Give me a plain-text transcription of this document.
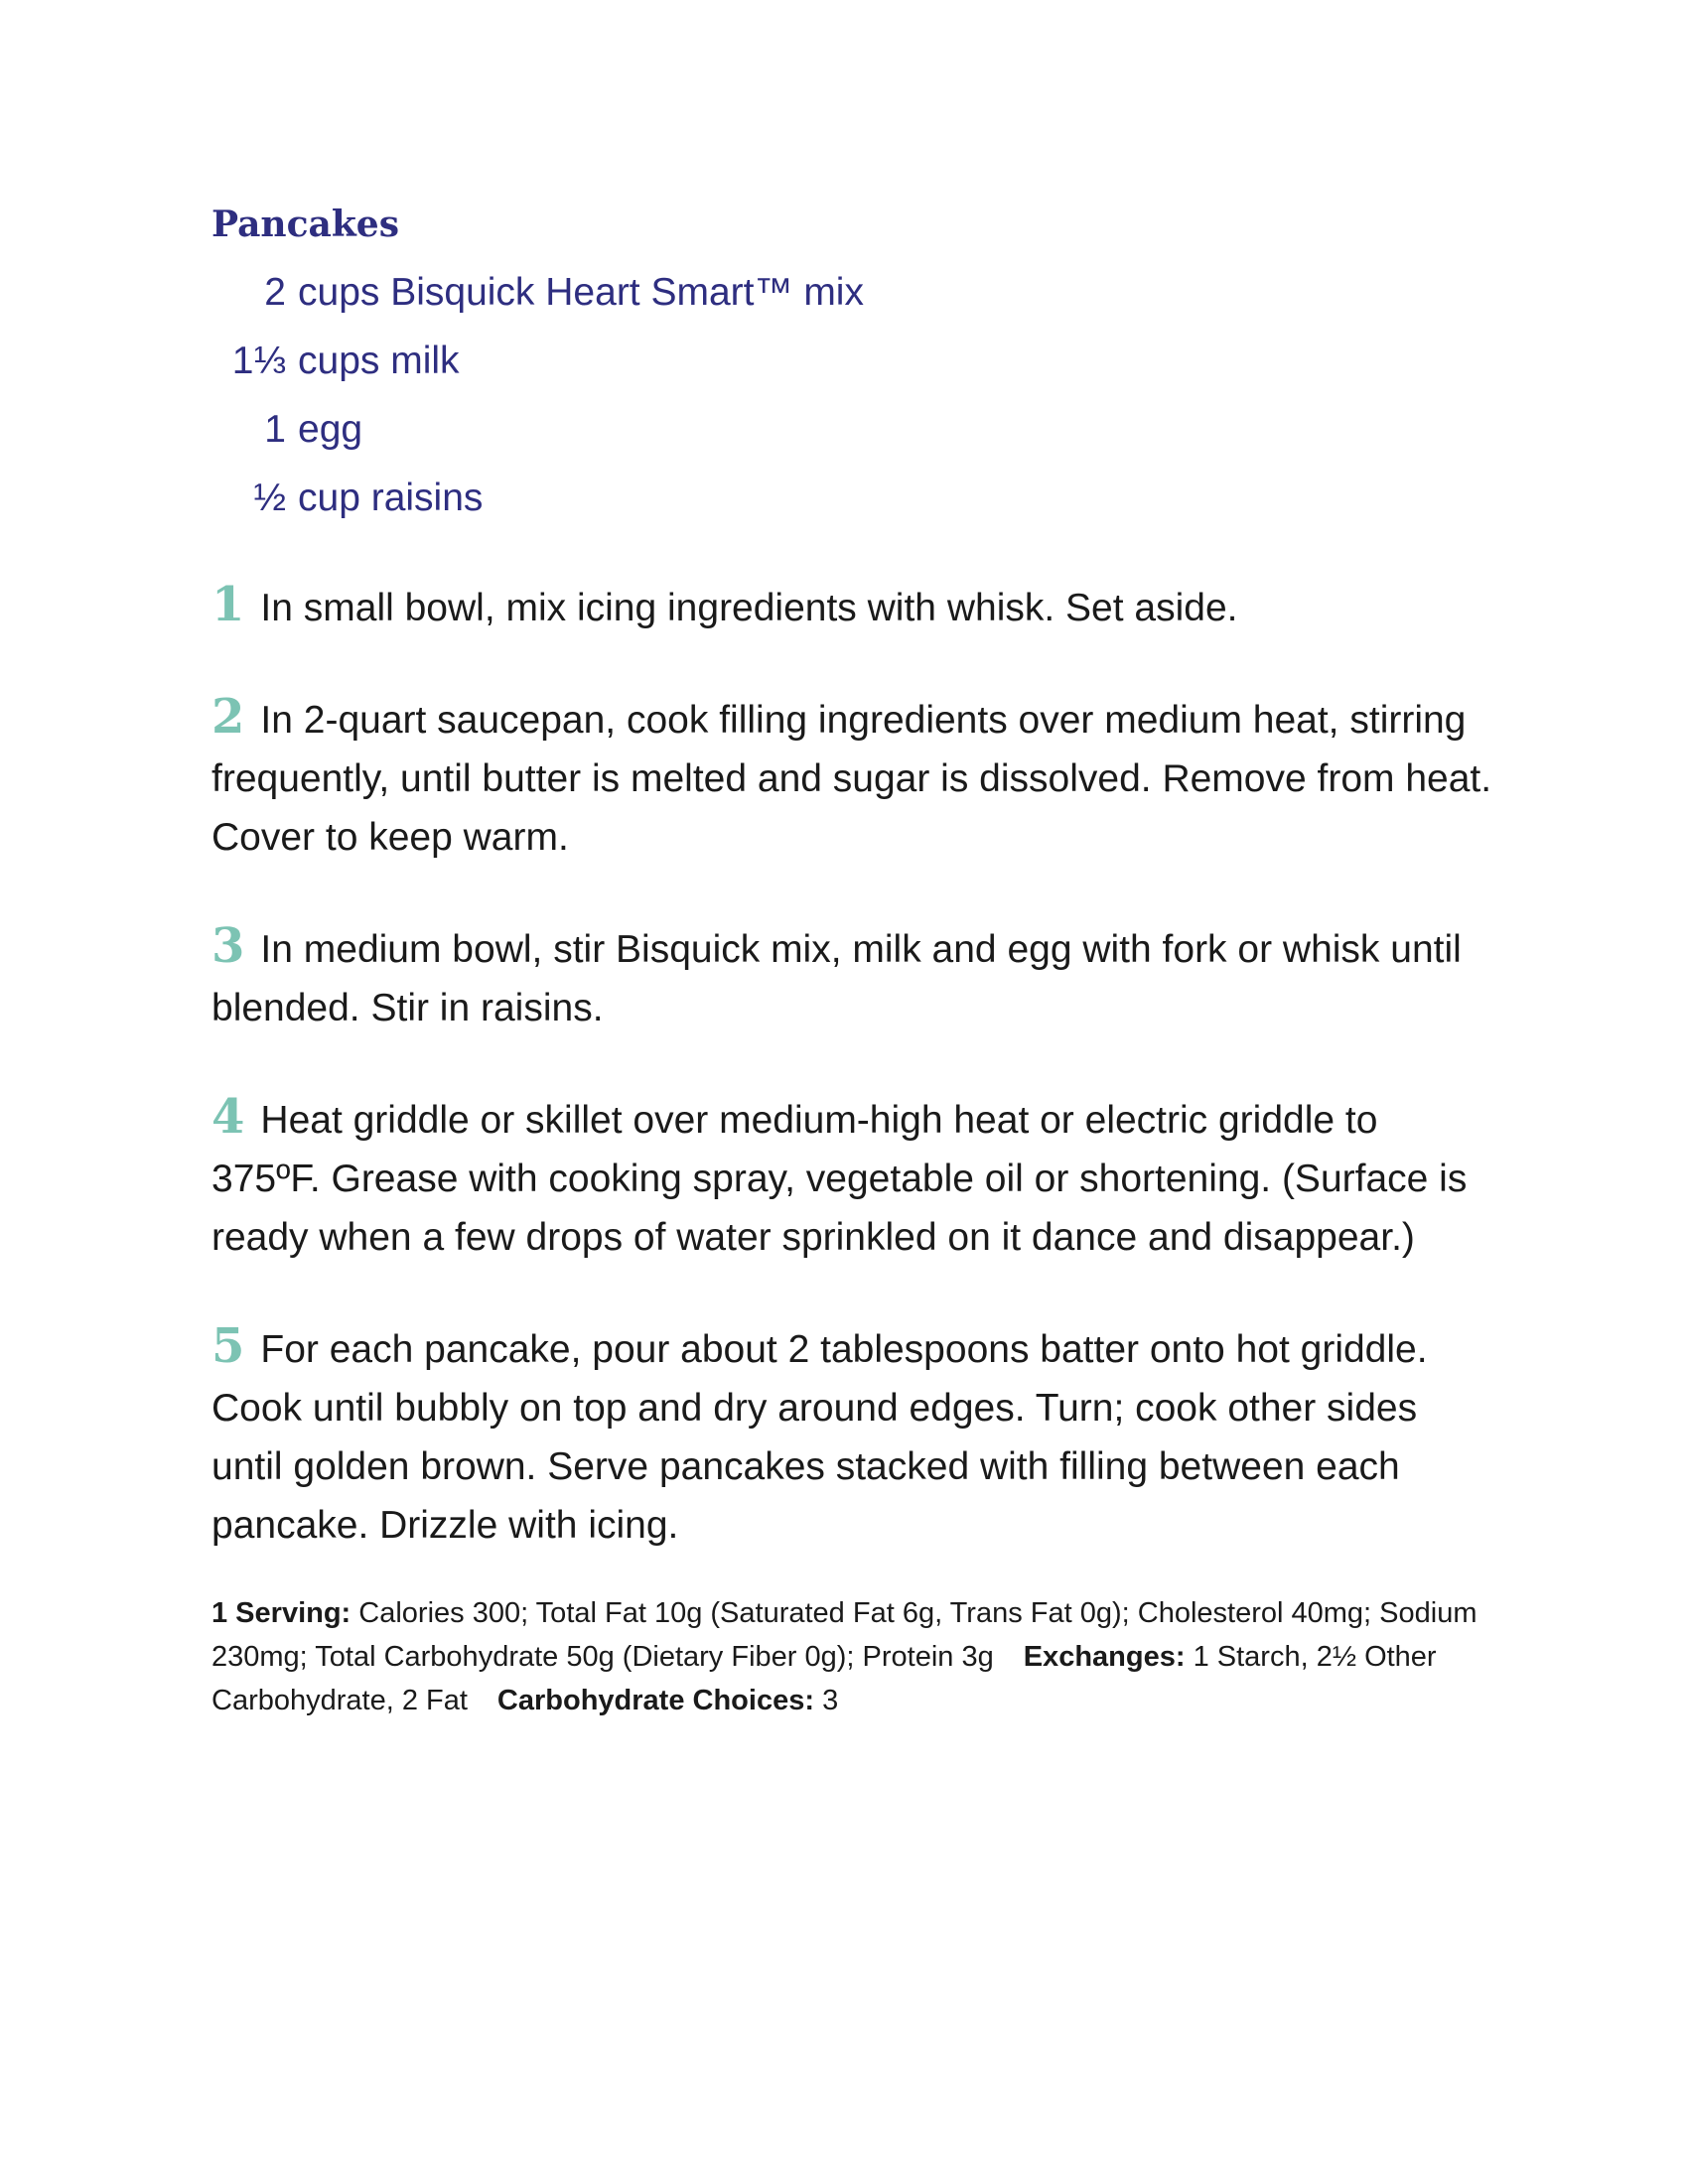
Pancakes
2 cups Bisquick Heart Smart™ mix
1⅓ cups milk
1 egg
½ cup raisins
1 In small bowl, mix icing ingredients with whisk. Set aside.
2 In 2-quart saucepan, cook filling ingredients over medium heat, stirring frequently, until butter is melted and sugar is dissolved. Remove from heat. Cover to keep warm.
3 In medium bowl, stir Bisquick mix, milk and egg with fork or whisk until blended. Stir in raisins.
4 Heat griddle or skillet over medium-high heat or electric griddle to 375ºF. Grease with cooking spray, vegetable oil or shortening. (Surface is ready when a few drops of water sprinkled on it dance and disappear.)
5 For each pancake, pour about 2 tablespoons batter onto hot griddle. Cook until bubbly on top and dry around edges. Turn; cook other sides until golden brown. Serve pancakes stacked with filling between each pancake. Drizzle with icing.
1 Serving: Calories 300; Total Fat 10g (Saturated Fat 6g, Trans Fat 0g); Cholesterol 40mg; Sodium 230mg; Total Carbohydrate 50g (Dietary Fiber 0g); Protein 3g Exchanges: 1 Starch, 2½ Other Carbohydrate, 2 Fat Carbohydrate Choices: 3
